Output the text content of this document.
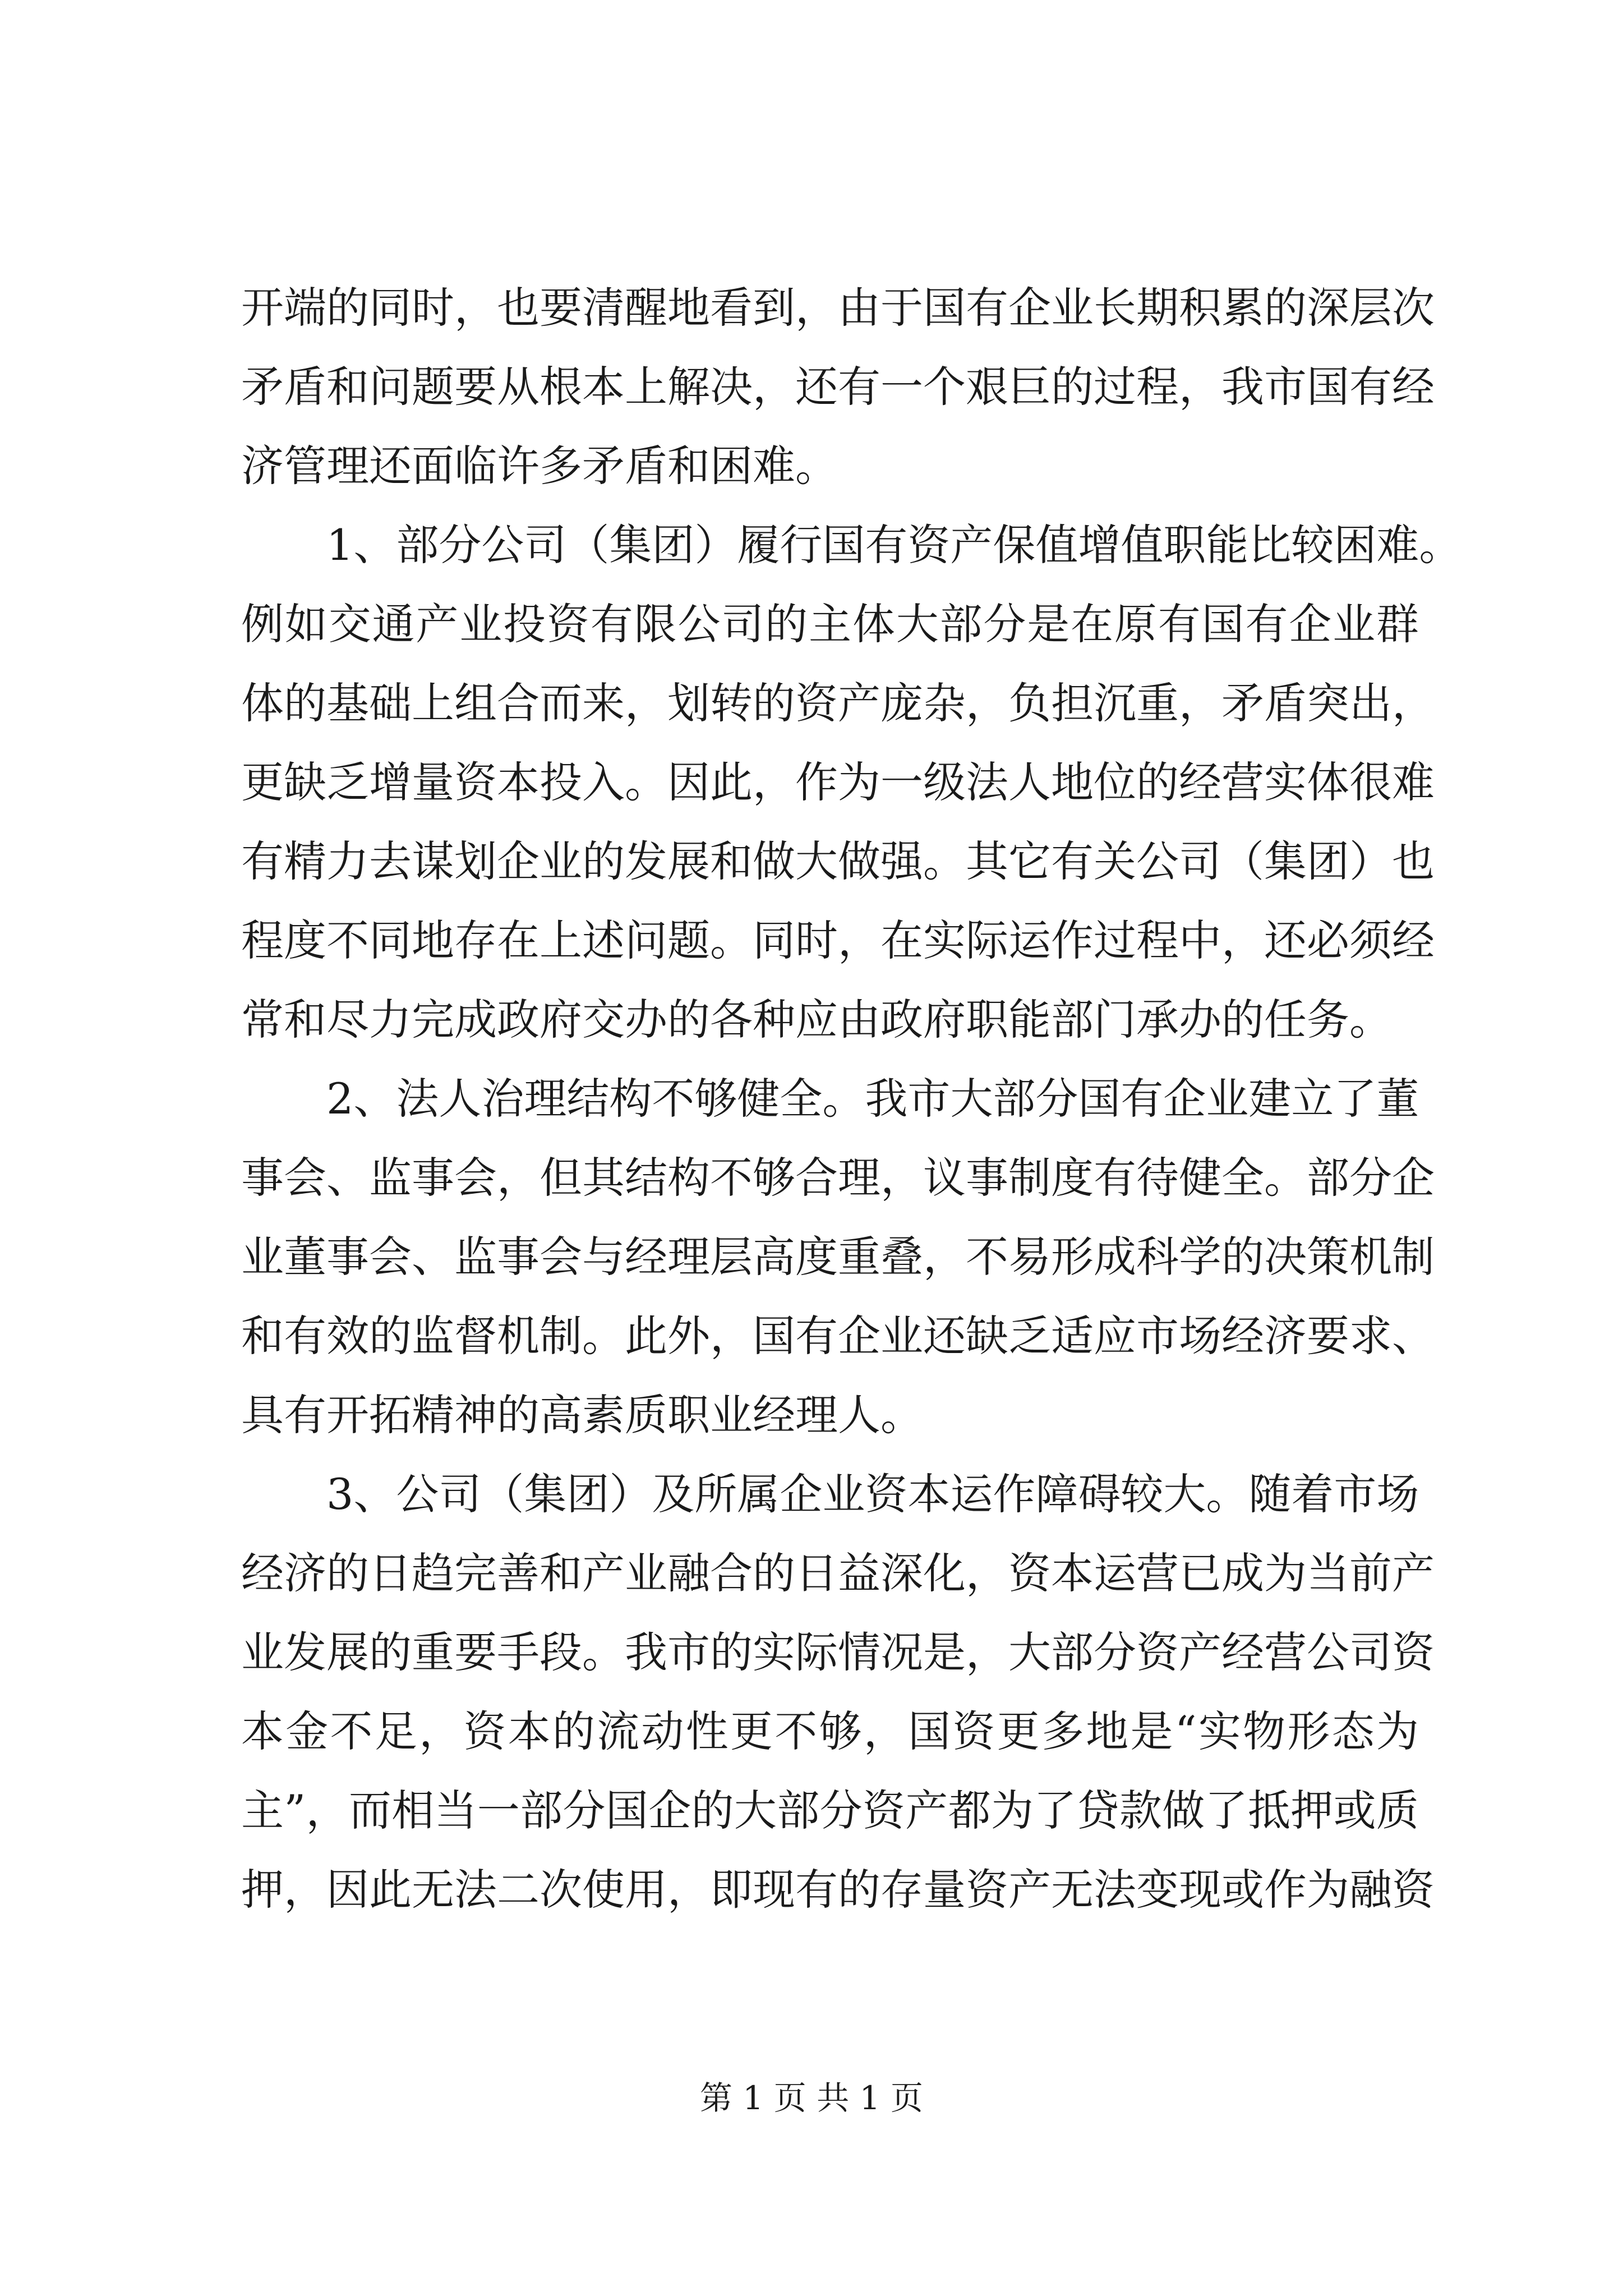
开端的同时，也要清醒地看到，由于国有企业长期积累的深层次
矛盾和问题要从根本上解决，还有一个艰巨的过程，我市国有经
济管理还面临许多矛盾和困难。
1、部分公司（集团）履行国有资产保值增值职能比较困难。
例如交通产业投资有限公司的主体大部分是在原有国有企业群
体的基础上组合而来，划转的资产庞杂，负担沉重，矛盾突出，
更缺乏增量资本投入。因此，作为一级法人地位的经营实体很难
有精力去谋划企业的发展和做大做强。其它有关公司（集团）也
程度不同地存在上述问题。同时，在实际运作过程中，还必须经
常和尽力完成政府交办的各种应由政府职能部门承办的任务。
2、法人治理结构不够健全。我市大部分国有企业建立了董
事会、监事会，但其结构不够合理，议事制度有待健全。部分企
业董事会、监事会与经理层高度重叠，不易形成科学的决策机制
和有效的监督机制。此外，国有企业还缺乏适应市场经济要求、
具有开拓精神的高素质职业经理人。
3、公司（集团）及所属企业资本运作障碍较大。随着市场
经济的日趋完善和产业融合的日益深化，资本运营已成为当前产
业发展的重要手段。我市的实际情况是，大部分资产经营公司资
本金不足，资本的流动性更不够，国资更多地是“实物形态为
主”，而相当一部分国企的大部分资产都为了贷款做了抵押或质
押，因此无法二次使用，即现有的存量资产无法变现或作为融资
第 1 页 共 1 页
